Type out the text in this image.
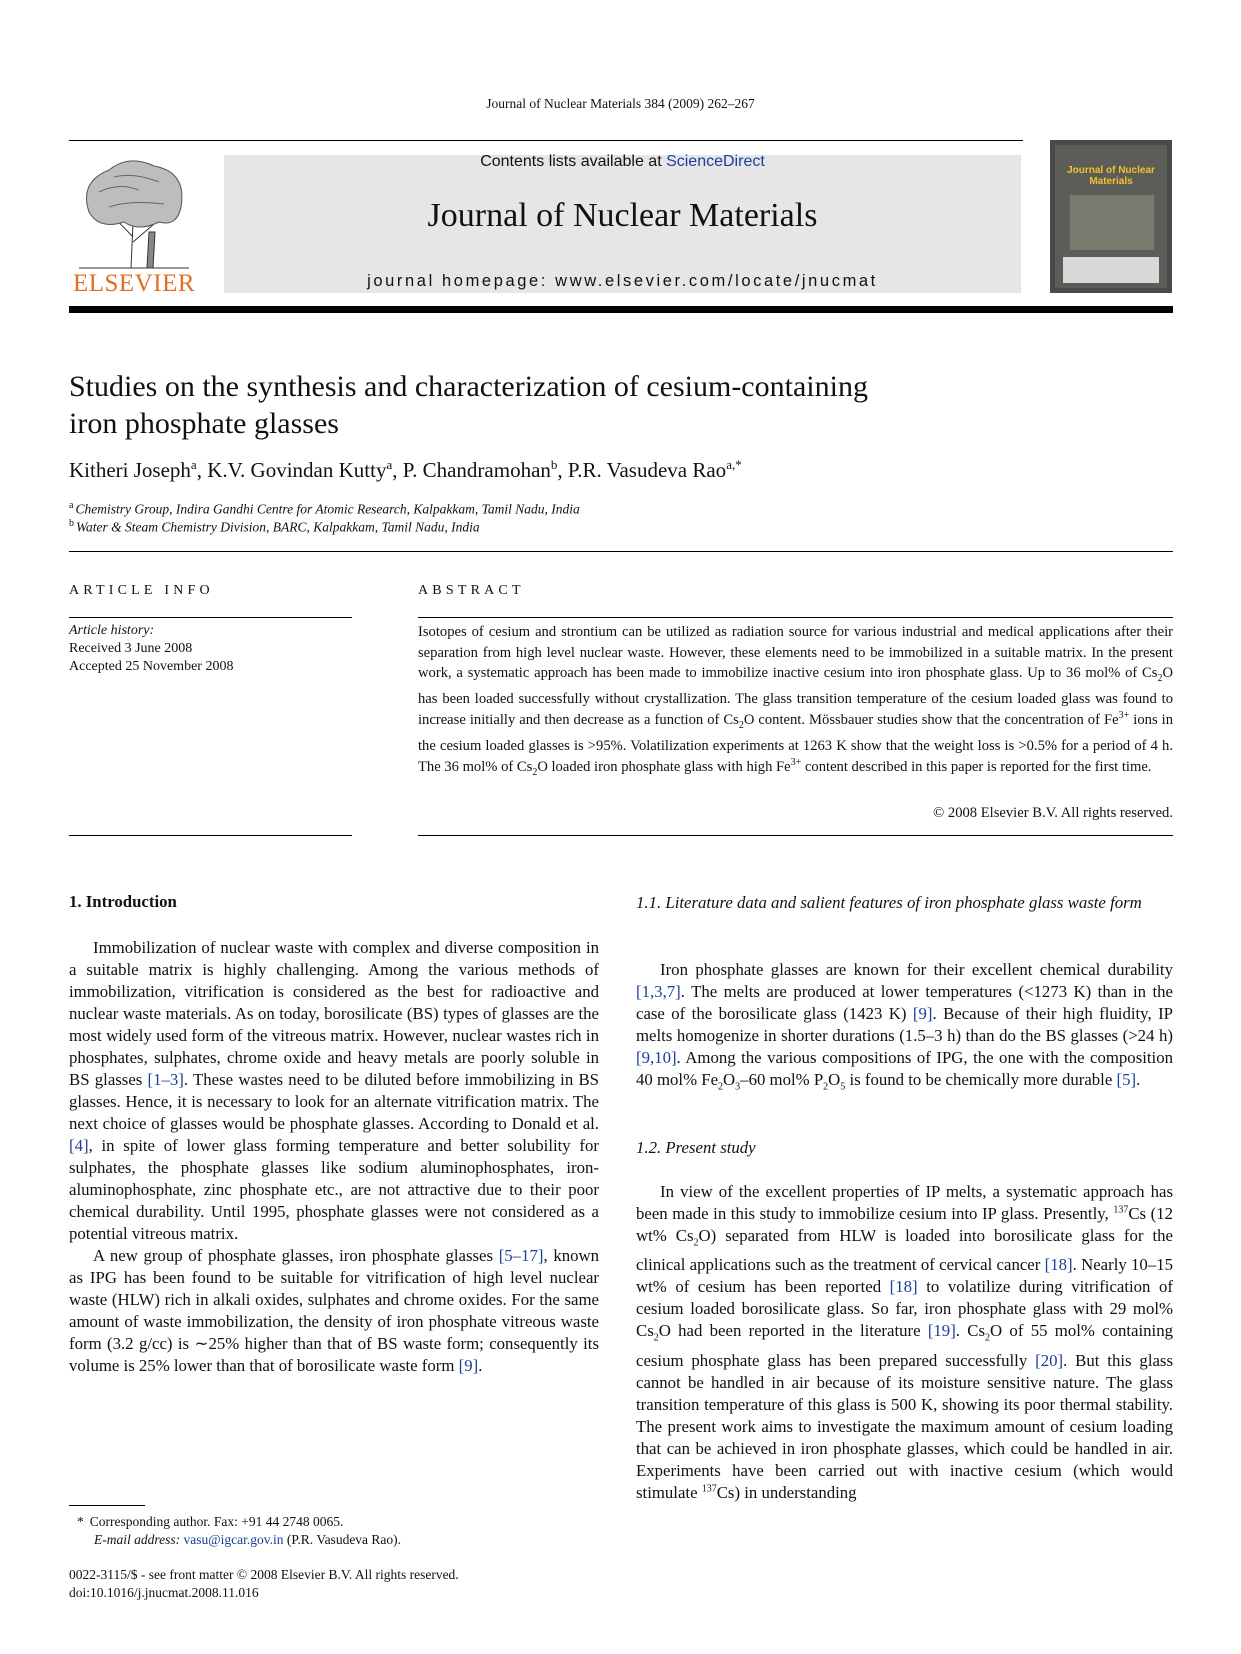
Journal of Nuclear Materials 384 (2009) 262–267
ELSEVIER
Contents lists available at ScienceDirect
Journal of Nuclear Materials
journal homepage: www.elsevier.com/locate/jnucmat
Journal of Nuclear Materials
Studies on the synthesis and characterization of cesium-containing
iron phosphate glasses
Kitheri Joseph$^a$, K.V. Govindan Kutty$^a$, P. Chandramohan$^b$, P.R. Vasudeva Rao$^{a,*}$
$^a$ Chemistry Group, Indira Gandhi Centre for Atomic Research, Kalpakkam, Tamil Nadu, India
$^b$ Water & Steam Chemistry Division, BARC, Kalpakkam, Tamil Nadu, India
ARTICLE INFO
Article history:
Received 3 June 2008
Accepted 25 November 2008
ABSTRACT
Isotopes of cesium and strontium can be utilized as radiation source for various industrial and medical applications after their separation from high level nuclear waste. However, these elements need to be immobilized in a suitable matrix. In the present work, a systematic approach has been made to immobilize inactive cesium into iron phosphate glass. Up to 36 mol% of $Cs_2O$ has been loaded successfully without crystallization. The glass transition temperature of the cesium loaded glass was found to increase initially and then decrease as a function of $Cs_2O$ content. Mössbauer studies show that the concentration of $Fe^{3+}$ ions in the cesium loaded glasses is >95%. Volatilization experiments at 1263 K show that the weight loss is >0.5% for a period of 4 h. The 36 mol% of $Cs_2O$ loaded iron phosphate glass with high $Fe^{3+}$ content described in this paper is reported for the first time.
© 2008 Elsevier B.V. All rights reserved.
1. Introduction

Immobilization of nuclear waste with complex and diverse composition in a suitable matrix is highly challenging. Among the various methods of immobilization, vitrification is considered as the best for radioactive and nuclear waste materials. As on today, borosilicate (BS) types of glasses are the most widely used form of the vitreous matrix. However, nuclear wastes rich in phosphates, sulphates, chrome oxide and heavy metals are poorly soluble in BS glasses [1–3]. These wastes need to be diluted before immobilizing in BS glasses. Hence, it is necessary to look for an alternate vitrification matrix. The next choice of glasses would be phosphate glasses. According to Donald et al. [4], in spite of lower glass forming temperature and better solubility for sulphates, the phosphate glasses like sodium aluminophosphates, iron-aluminophosphate, zinc phosphate etc., are not attractive due to their poor chemical durability. Until 1995, phosphate glasses were not considered as a potential vitreous matrix.

A new group of phosphate glasses, iron phosphate glasses [5–17], known as IPG has been found to be suitable for vitrification of high level nuclear waste (HLW) rich in alkali oxides, sulphates and chrome oxides. For the same amount of waste immobilization, the density of iron phosphate vitreous waste form (3.2 g/cc) is ∼25% higher than that of BS waste form; consequently its volume is 25% lower than that of borosilicate waste form [9].

1.1. Literature data and salient features of iron phosphate glass waste form

Iron phosphate glasses are known for their excellent chemical durability [1,3,7]. The melts are produced at lower temperatures (<1273 K) than in the case of the borosilicate glass (1423 K) [9]. Because of their high fluidity, IP melts homogenize in shorter durations (1.5–3 h) than do the BS glasses (>24 h) [9,10]. Among the various compositions of IPG, the one with the composition 40 mol% $Fe_2O_3-60$ mol% $P_2O_5$ is found to be chemically more durable [5].

1.2. Present study

In view of the excellent properties of IP melts, a systematic approach has been made in this study to immobilize cesium into IP glass. Presently, $^{137}$Cs (12 wt% $Cs_2O$) separated from HLW is loaded into borosilicate glass for the clinical applications such as the treatment of cervical cancer [18]. Nearly 10–15 wt% of cesium has been reported [18] to volatilize during vitrification of cesium loaded borosilicate glass. So far, iron phosphate glass with 29 mol% $Cs_2O$ had been reported in the literature [19]. $Cs_2O$ of 55 mol% containing cesium phosphate glass has been prepared successfully [20]. But this glass cannot be handled in air because of its moisture sensitive nature. The glass transition temperature of this glass is 500 K, showing its poor thermal stability. The present work aims to investigate the maximum amount of cesium loading that can be achieved in iron phosphate glasses, which could be handled in air. Experiments have been carried out with inactive cesium (which would stimulate $^{137}$Cs) in understanding

* Corresponding author. Fax: +91 44 2748 0065.
E-mail address: vasu@igcar.gov.in (P.R. Vasudeva Rao).
0022-3115/$ - see front matter © 2008 Elsevier B.V. All rights reserved.
doi:10.1016/j.jnucmat.2008.11.016
